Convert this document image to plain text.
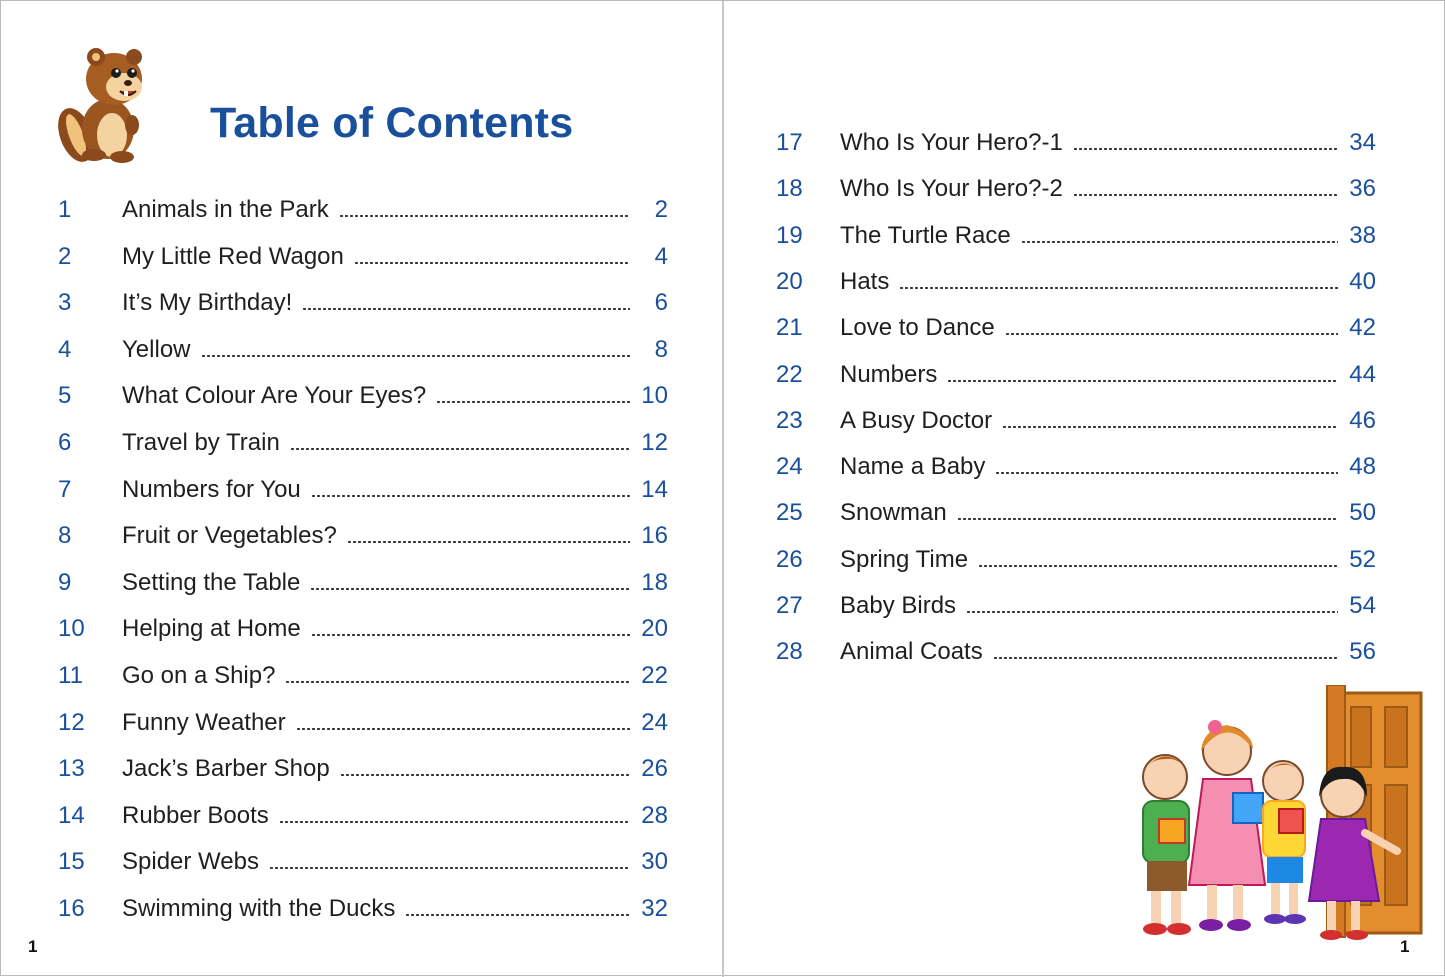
Table of Contents
1	Animals in the Park	2
2	My Little Red Wagon	4
3	It’s My Birthday!	6
4	Yellow	8
5	What Colour Are Your Eyes?	10
6	Travel by Train	12
7	Numbers for You	14
8	Fruit or Vegetables?	16
9	Setting the Table	18
10	Helping at Home	20
11	Go on a Ship?	22
12	Funny Weather	24
13	Jack’s Barber Shop	26
14	Rubber Boots	28
15	Spider Webs	30
16	Swimming with the Ducks	32
1
17	Who Is Your Hero?-1	34
18	Who Is Your Hero?-2	36
19	The Turtle Race	38
20	Hats	40
21	Love to Dance	42
22	Numbers	44
23	A Busy Doctor	46
24	Name a Baby	48
25	Snowman	50
26	Spring Time	52
27	Baby Birds	54
28	Animal Coats	56
1
